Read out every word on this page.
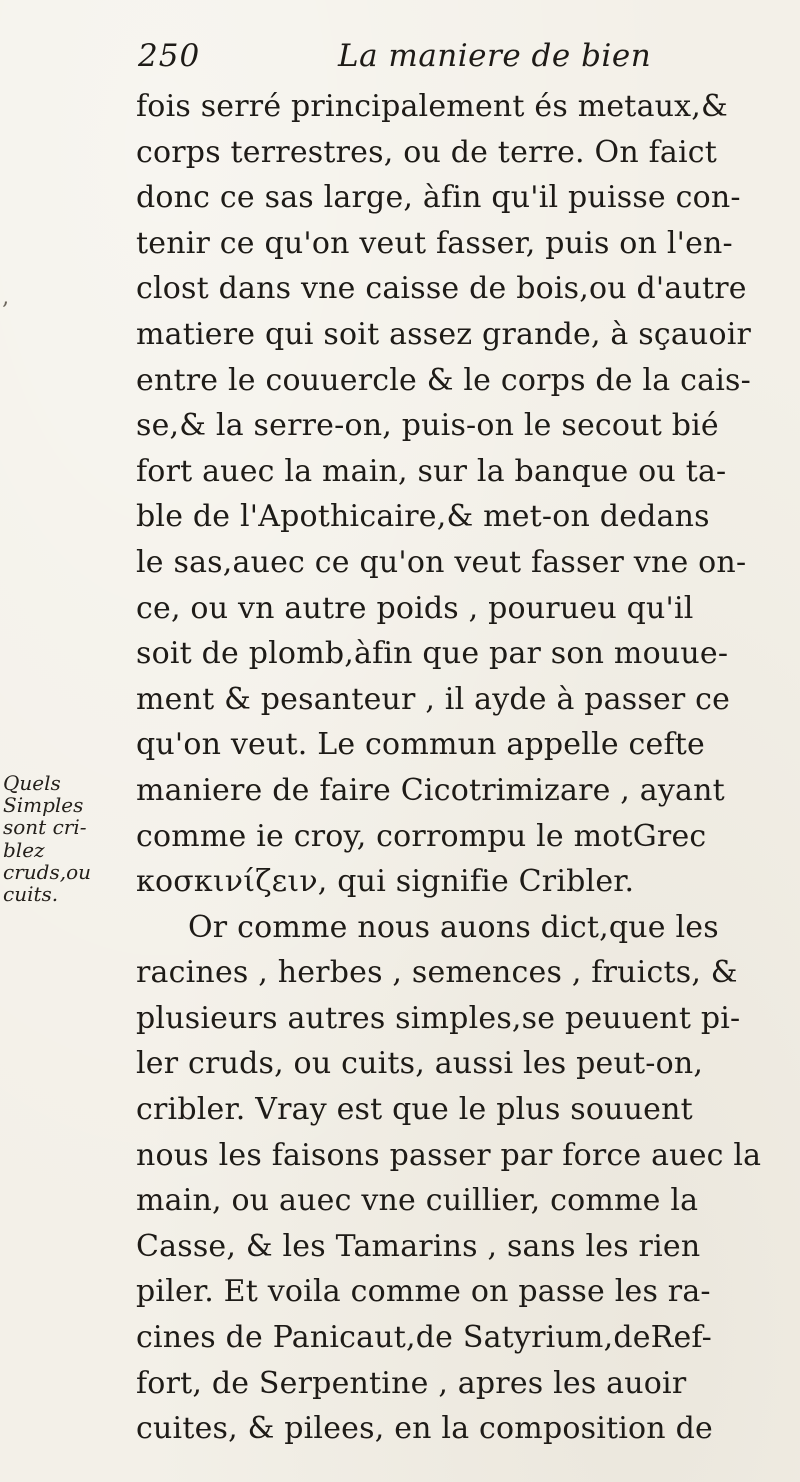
250	La maniere de bien
‚
fois serré principalement és metaux,&
corps terrestres, ou de terre. On faict
donc ce sas large, àfin qu'il puisse con-
tenir ce qu'on veut fasser, puis on l'en-
clost dans vne caisse de bois,ou d'autre
matiere qui soit assez grande, à sçauoir
entre le couuercle & le corps de la cais-
se,& la serre-on, puis-on le secout bié
fort auec la main, sur la banque ou ta-
ble de l'Apothicaire,& met-on dedans
le sas,auec ce qu'on veut fasser vne on-
ce, ou vn autre poids , pourueu qu'il
soit de plomb,àfin que par son mouue-
ment & pesanteur , il ayde à passer ce
qu'on veut. Le commun appelle cefte
maniere de faire Cicotrimizare , ayant
comme ie croy, corrompu le motGrec
κοσκινίζειν, qui signifie Cribler.
Or comme nous auons dict,que les
racines , herbes , semences , fruicts, &
plusieurs autres simples,se peuuent pi-
ler cruds, ou cuits, aussi les peut-on,
cribler. Vray est que le plus souuent
nous les faisons passer par force auec la
main, ou auec vne cuillier, comme la
Casse, & les Tamarins , sans les rien
piler. Et voila comme on passe les ra-
cines de Panicaut,de Satyrium,deRef-
fort, de Serpentine , apres les auoir
cuites, & pilees, en la composition de
Quels
Simples
sont cri-
blez
cruds,ou
cuits.
